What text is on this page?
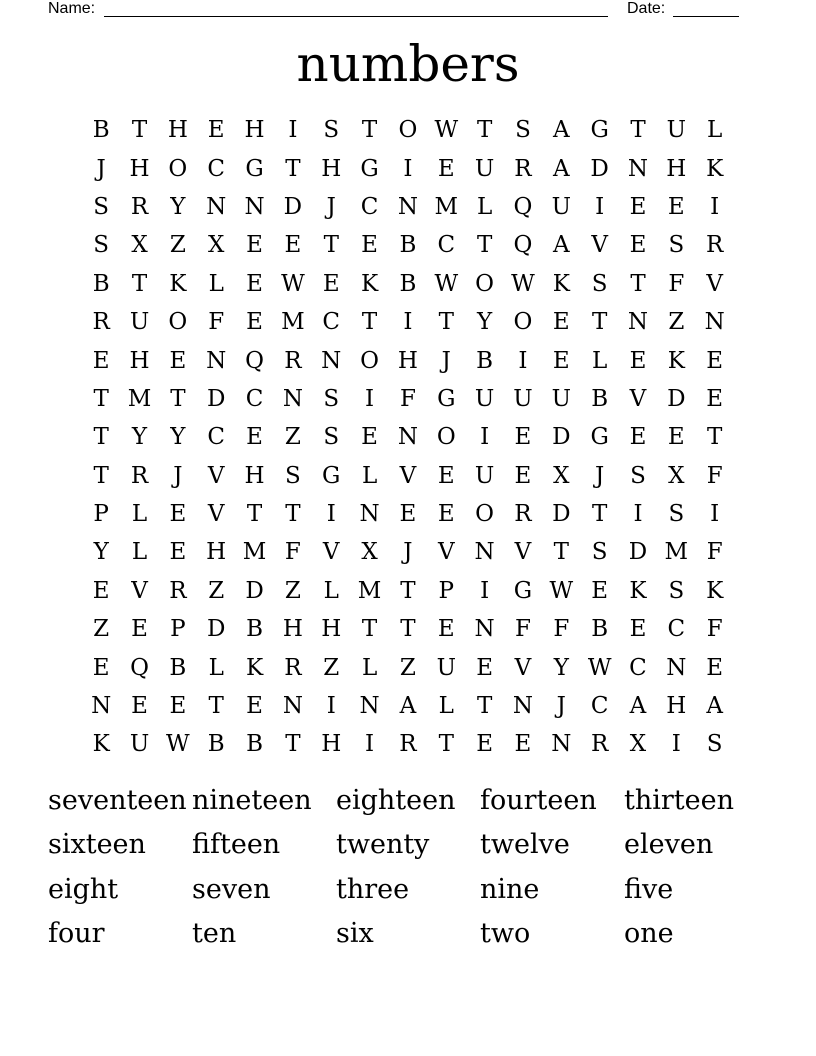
Name:	Date:
numbers
B T H E H	I	S T O W T S A G T U L
J	H O C G T H G	I	E U R A D N H K
S R Y N N D	J	C N M L Q U	I	E E	I
S X Z X E E T E B C T Q A V E S R
B T K L E W E K B W O W K S T F V
R U O F E M C T	I	T	Y O E T N Z N
E H E N Q R N O H	J	B	I	E L E K E
T M T D C N S	I	F G U U U B V D E
T	Y	Y C E Z S E N O	I	E D G E E T
T R	J	V H S G L V E U E X	J	S X F
P L E V T	T	I	N E E O R D T	I	S	I
Y	L E H M F V X	J	V N V T S D M F
E V R Z D Z L M T P	I	G W E K S K
Z E P D B H H T	T E N F F B E C F
E Q B L K R Z L Z U E V Y W C N E
N E E T E N	I	N A L	T N	J	C A H A
K U W B B T H	I	R T E E N R X	I	S
seventeen nineteen eighteen fourteen	thirteen
sixteen	fifteen	twenty	twelve	eleven
eight	seven	three	nine	five
four	ten	six	two	one
